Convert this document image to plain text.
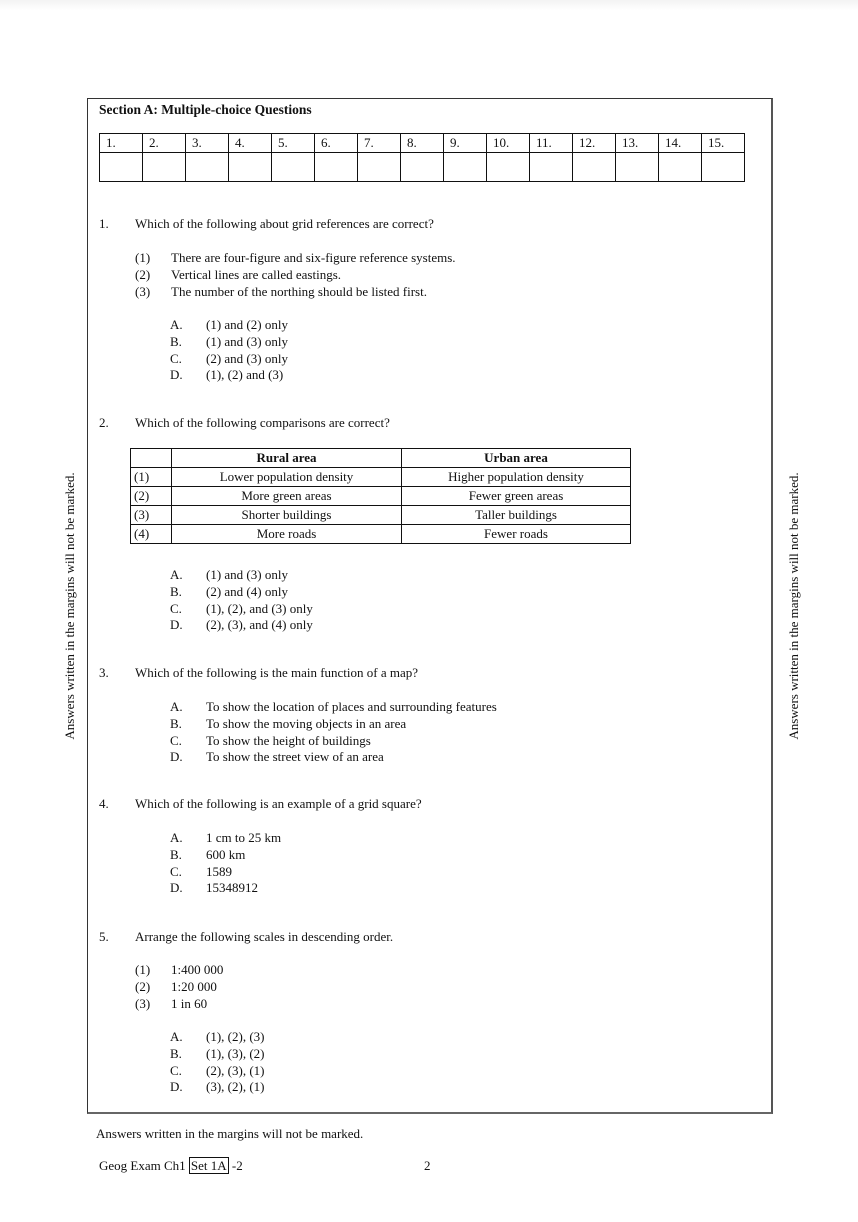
Section A: Multiple-choice Questions
1.	2.	3.	4.	5.	6.	7.	8.	9.	10.	11.	12.	13.	14.	15.

1. Which of the following about grid references are correct?
(1) There are four-figure and six-figure reference systems.
(2) Vertical lines are called eastings.
(3) The number of the northing should be listed first.
A. (1) and (2) only
B. (1) and (3) only
C. (2) and (3) only
D. (1), (2) and (3)
2. Which of the following comparisons are correct?
	Rural area	Urban area
(1)	Lower population density	Higher population density
(2)	More green areas	Fewer green areas
(3)	Shorter buildings	Taller buildings
(4)	More roads	Fewer roads
A. (1) and (3) only
B. (2) and (4) only
C. (1), (2), and (3) only
D. (2), (3), and (4) only
3. Which of the following is the main function of a map?
A. To show the location of places and surrounding features
B. To show the moving objects in an area
C. To show the height of buildings
D. To show the street view of an area
4. Which of the following is an example of a grid square?
A. 1 cm to 25 km
B. 600 km
C. 1589
D. 15348912
5. Arrange the following scales in descending order.
(1) 1:400 000
(2) 1:20 000
(3) 1 in 60
A. (1), (2), (3)
B. (1), (3), (2)
C. (2), (3), (1)
D. (3), (2), (1)
Answers written in the margins will not be marked.	Answers written in the margins will not be marked.
Answers written in the margins will not be marked.
Geog Exam Ch1 Set 1A -2	2
